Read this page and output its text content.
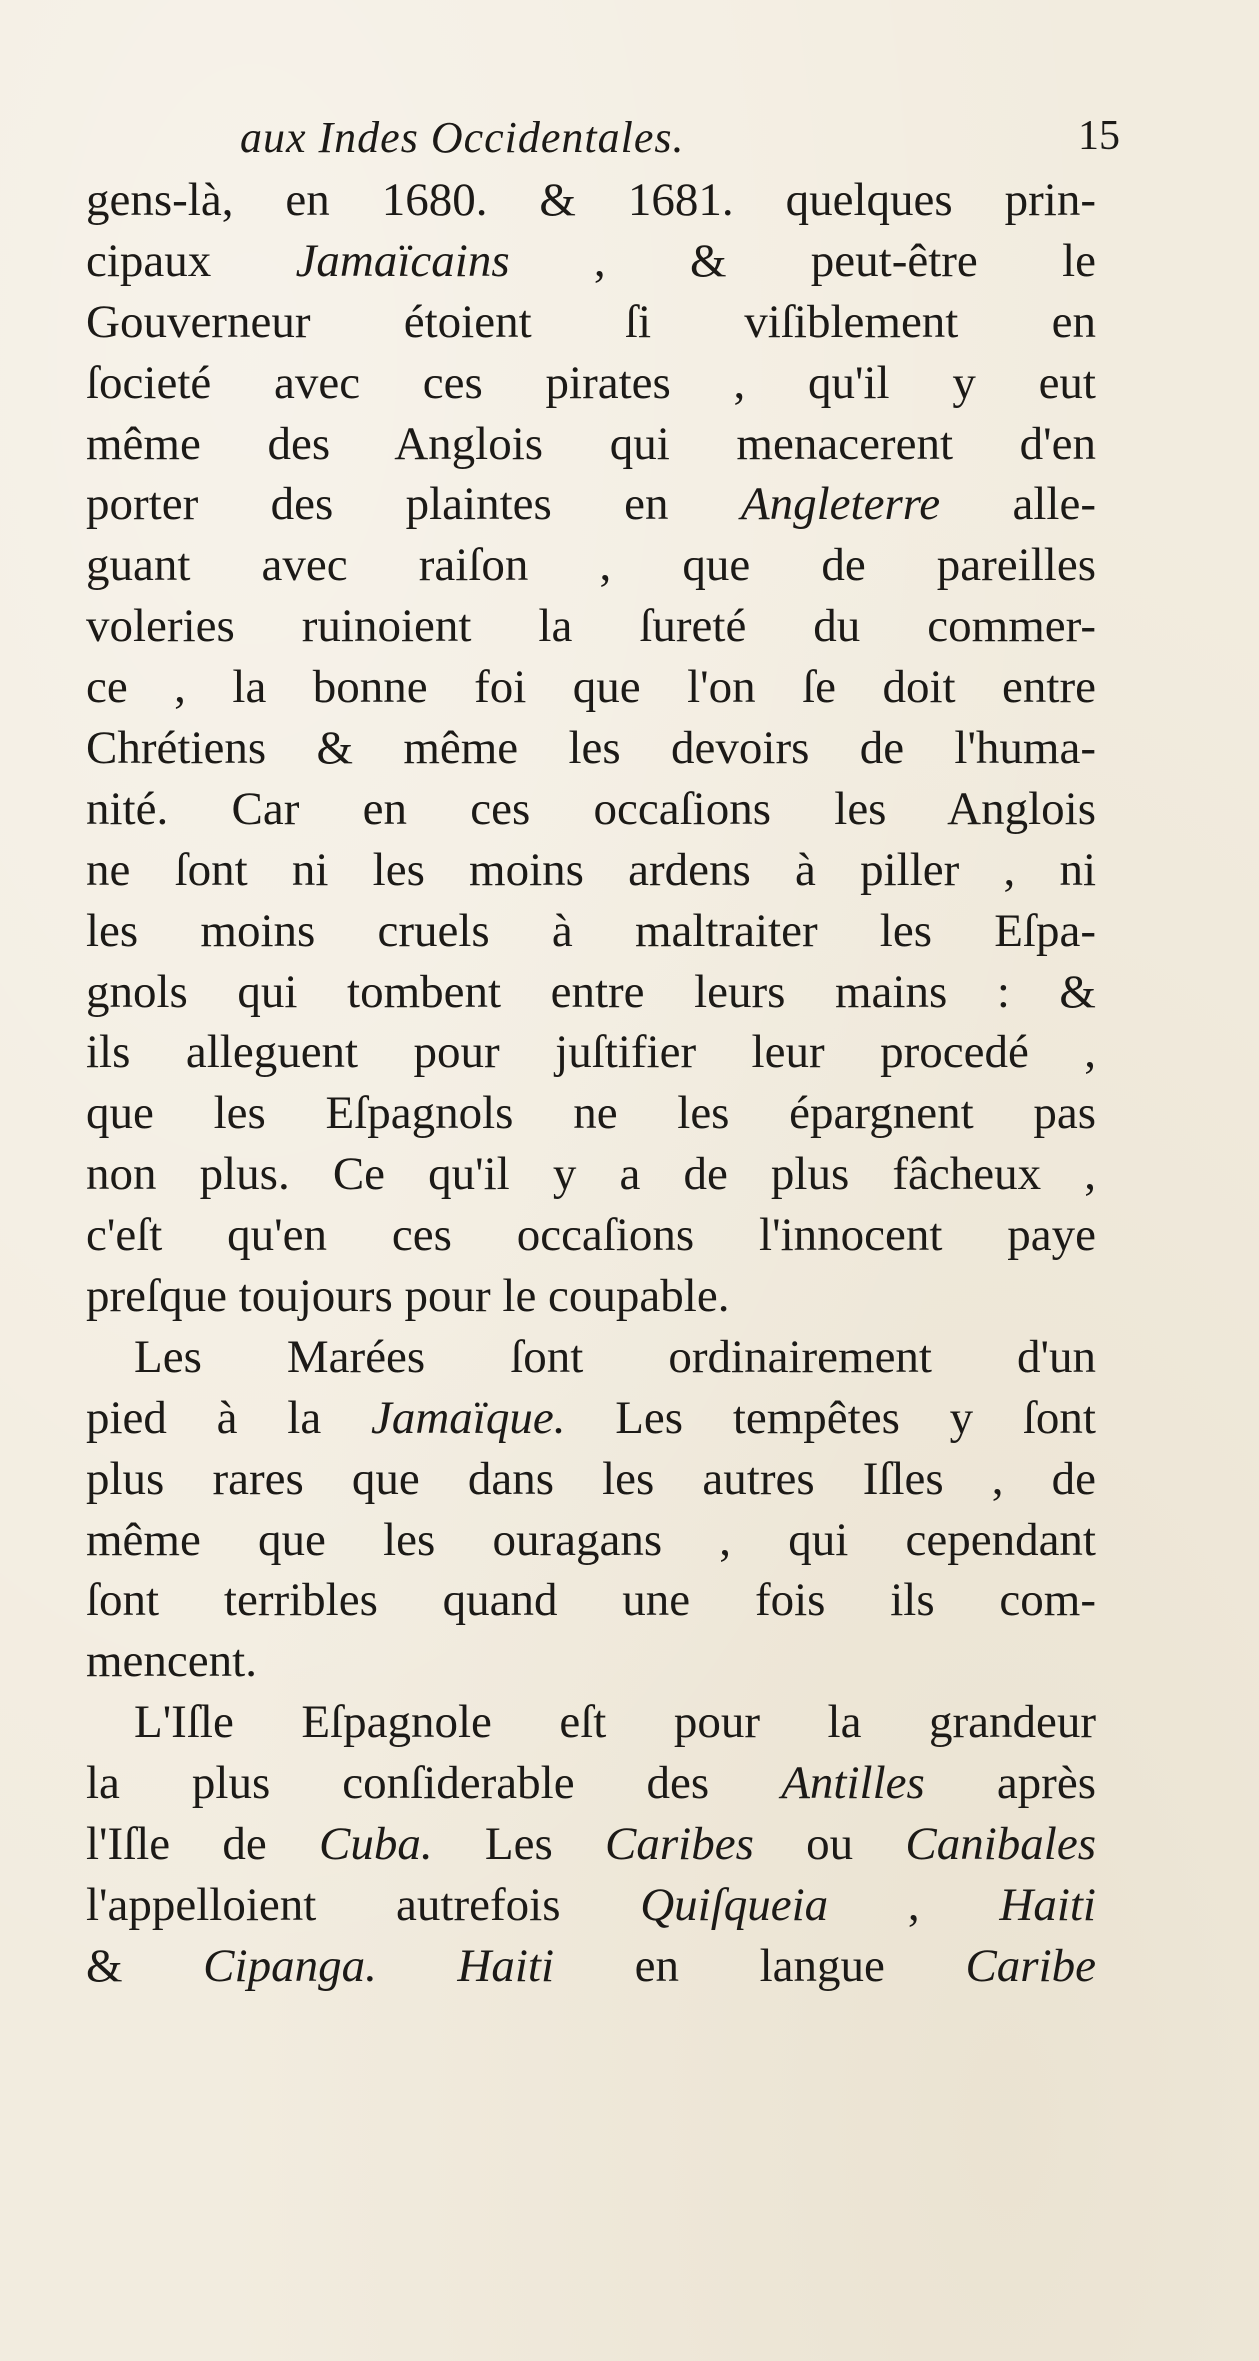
aux Indes Occidentales.	15
gens-là, en 1680. & 1681. quelques prin-
cipaux Jamaïcains , & peut-être le
Gouverneur étoient ſi viſiblement en
ſocieté avec ces pirates , qu'il y eut
même des Anglois qui menacerent d'en
porter des plaintes en Angleterre alle-
guant avec raiſon , que de pareilles
voleries ruinoient la ſureté du commer-
ce , la bonne foi que l'on ſe doit entre
Chrétiens & même les devoirs de l'huma-
nité. Car en ces occaſions les Anglois
ne ſont ni les moins ardens à piller , ni
les moins cruels à maltraiter les Eſpa-
gnols qui tombent entre leurs mains : &
ils alleguent pour juſtifier leur procedé ,
que les Eſpagnols ne les épargnent pas
non plus. Ce qu'il y a de plus fâcheux ,
c'eſt qu'en ces occaſions l'innocent paye
preſque toujours pour le coupable.
Les Marées ſont ordinairement d'un
pied à la Jamaïque. Les tempêtes y ſont
plus rares que dans les autres Iſles , de
même que les ouragans , qui cependant
ſont terribles quand une fois ils com-
mencent.
L'Iſle Eſpagnole eſt pour la grandeur
la plus conſiderable des Antilles après
l'Iſle de Cuba. Les Caribes ou Canibales
l'appelloient autrefois Quiſqueia , Haiti
& Cipanga. Haiti en langue Caribe
